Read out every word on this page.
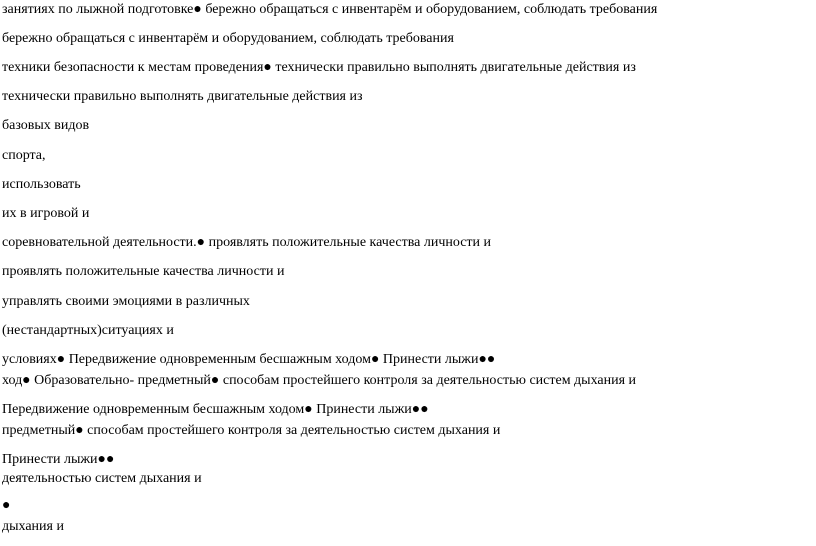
занятиях по лыжной подготовке● бережно обращаться с инвентарём и оборудованием, соблюдать требования
бережно обращаться с инвентарём и оборудованием, соблюдать требования
техники безопасности к местам проведения● технически правильно выполнять двигательные действия из
технически правильно выполнять двигательные действия из
базовых видов
спорта,
использовать
их в игровой и
соревновательной деятельности.● проявлять положительные качества личности и
проявлять положительные качества личности и
управлять своими эмоциями в различных
(нестандартных)ситуациях и
условиях● Передвижение одновременным бесшажным ходом● Принести лыжи●●
ход● Образовательно- предметный● способам простейшего контроля за деятельностью систем дыхания и
Передвижение одновременным бесшажным ходом● Принести лыжи●●
предметный● способам простейшего контроля за деятельностью систем дыхания и
Принести лыжи●●
деятельностью систем дыхания и
●
дыхания и
